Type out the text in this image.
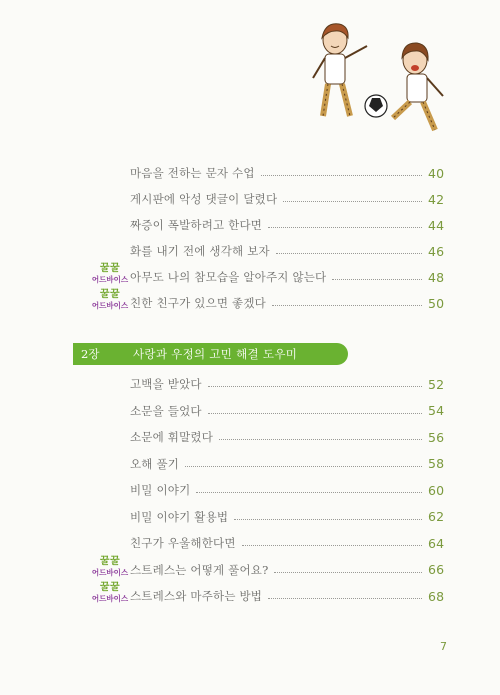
마음을 전하는 문자 수업	40
게시판에 악성 댓글이 달렸다	42
짜증이 폭발하려고 한다면	44
화를 내기 전에 생각해 보자	46
꿀꿀
어드바이스 아무도 나의 참모습을 알아주지 않는다	48
꿀꿀
어드바이스 친한 친구가 있으면 좋겠다	50
2장	사랑과 우정의 고민 해결 도우미
고백을 받았다	52
소문을 들었다	54
소문에 휘말렸다	56
오해 풀기	58
비밀 이야기	60
비밀 이야기 활용법	62
친구가 우울해한다면	64
꿀꿀
어드바이스 스트레스는 어떻게 풀어요?	66
꿀꿀
어드바이스 스트레스와 마주하는 방법	68
7
